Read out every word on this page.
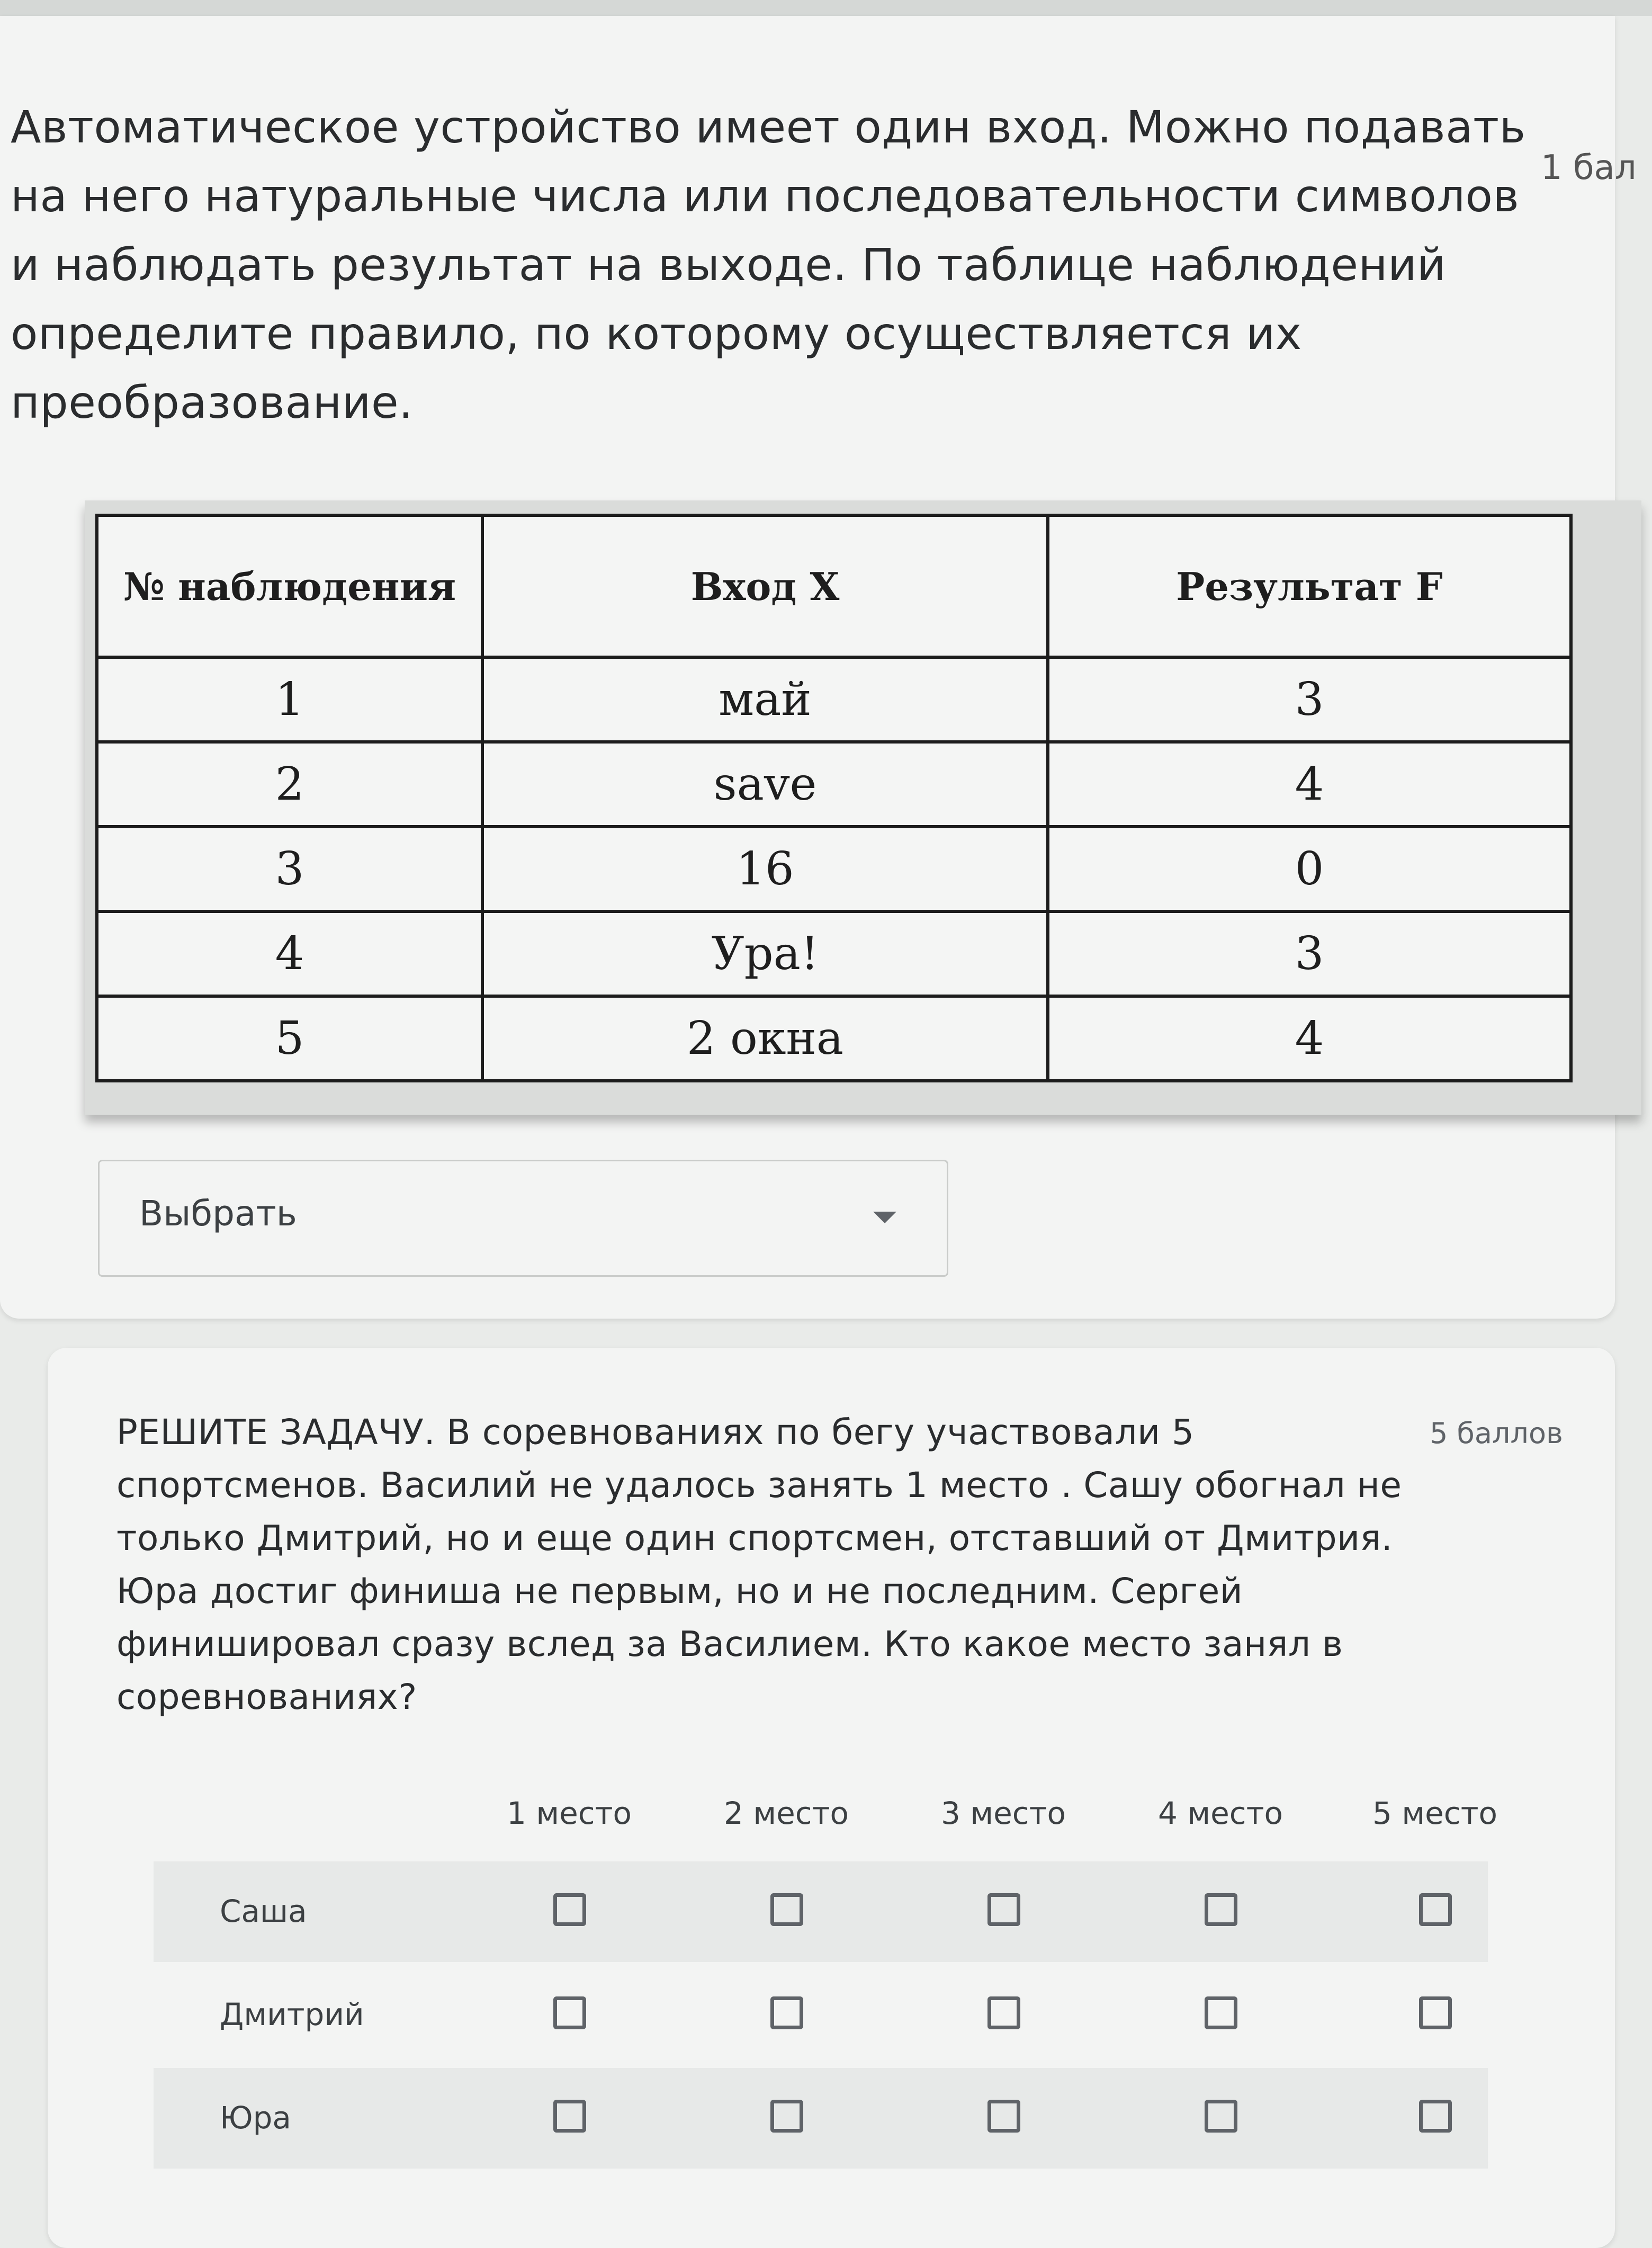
Автоматическое устройство имеет один вход. Можно подавать на него натуральные числа или последовательности символов и наблюдать результат на выходе. По таблице наблюдений определите правило, по которому осуществляется их преобразование.
1 бал
№ наблюдения	Вход X	Результат F
1	май	3
2	save	4
3	16	0
4	Ура!	3
5	2 окна	4
Выбрать
РЕШИТЕ ЗАДАЧУ. В соревнованиях по бегу участвовали 5 спортсменов. Василий не удалось занять 1 место . Сашу обогнал не только Дмитрий, но и еще один спортсмен, отставший от Дмитрия. Юра достиг финиша не первым, но и не последним. Сергей финишировал сразу вслед за Василием. Кто какое место занял в соревнованиях?
5 баллов
1 место	2 место	3 место	4 место	5 место
Саша
Дмитрий
Юра
